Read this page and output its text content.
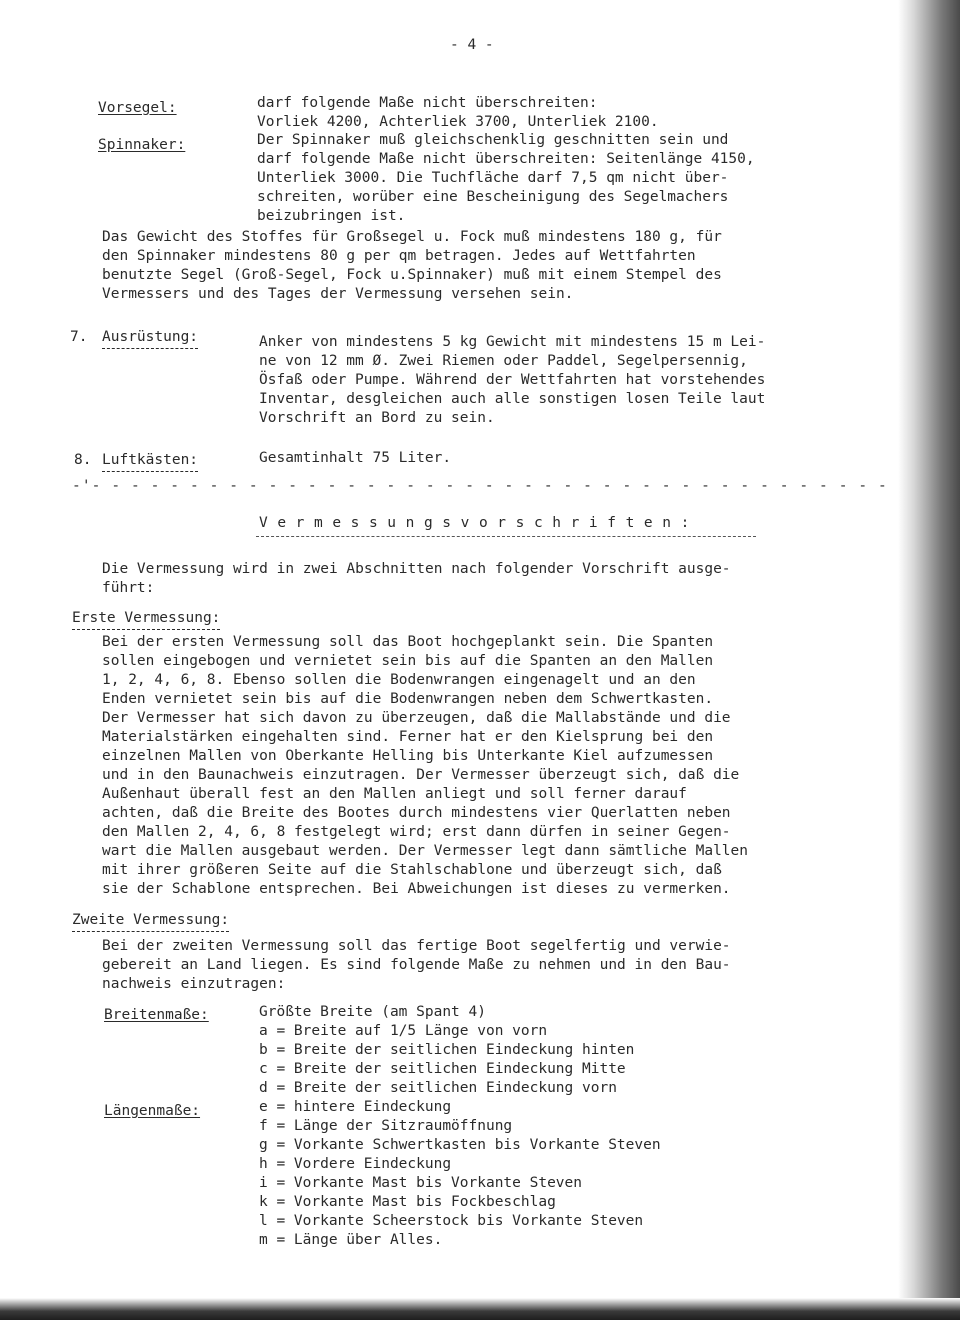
- 4 -
Vorsegel:	darf folgende Maße nicht überschreiten:
Vorliek 4200, Achterliek 3700, Unterliek 2100.
Spinnaker:	Der Spinnaker muß gleichschenklig geschnitten sein und
darf folgende Maße nicht überschreiten: Seitenlänge 4150,
Unterliek 3000. Die Tuchfläche darf 7,5 qm nicht über-
schreiten, worüber eine Bescheinigung des Segelmachers
beizubringen ist.
Das Gewicht des Stoffes für Großsegel u. Fock muß mindestens 180 g, für
den Spinnaker mindestens 80 g per qm betragen. Jedes auf Wettfahrten
benutzte Segel (Groß-Segel, Fock u.Spinnaker) muß mit einem Stempel des
Vermessers und des Tages der Vermessung versehen sein.
7. Ausrüstung:	Anker von mindestens 5 kg Gewicht mit mindestens 15 m Lei-
ne von 12 mm Ø. Zwei Riemen oder Paddel, Segelpersennig,
Ösfaß oder Pumpe. Während der Wettfahrten hat vorstehendes
Inventar, desgleichen auch alle sonstigen losen Teile laut
Vorschrift an Bord zu sein.
8. Luftkästen:	Gesamtinhalt 75 Liter.
-'- - - - - - - - - - - - - - - - - - - - - - - - - - - - - - - - - - - - - - - - -
Vermessungsvorschriften:
Die Vermessung wird in zwei Abschnitten nach folgender Vorschrift ausge-
führt:
Erste Vermessung:
Bei der ersten Vermessung soll das Boot hochgeplankt sein. Die Spanten
sollen eingebogen und vernietet sein bis auf die Spanten an den Mallen
1, 2, 4, 6, 8. Ebenso sollen die Bodenwrangen eingenagelt und an den
Enden vernietet sein bis auf die Bodenwrangen neben dem Schwertkasten.
Der Vermesser hat sich davon zu überzeugen, daß die Mallabstände und die
Materialstärken eingehalten sind. Ferner hat er den Kielsprung bei den
einzelnen Mallen von Oberkante Helling bis Unterkante Kiel aufzumessen
und in den Baunachweis einzutragen. Der Vermesser überzeugt sich, daß die
Außenhaut überall fest an den Mallen anliegt und soll ferner darauf
achten, daß die Breite des Bootes durch mindestens vier Querlatten neben
den Mallen 2, 4, 6, 8 festgelegt wird; erst dann dürfen in seiner Gegen-
wart die Mallen ausgebaut werden. Der Vermesser legt dann sämtliche Mallen
mit ihrer größeren Seite auf die Stahlschablone und überzeugt sich, daß
sie der Schablone entsprechen. Bei Abweichungen ist dieses zu vermerken.
Zweite Vermessung:
Bei der zweiten Vermessung soll das fertige Boot segelfertig und verwie-
gebereit an Land liegen. Es sind folgende Maße zu nehmen und in den Bau-
nachweis einzutragen:
Breitenmaße:	Größte Breite (am Spant 4)
a = Breite auf 1/5 Länge von vorn
b = Breite der seitlichen Eindeckung hinten
c = Breite der seitlichen Eindeckung Mitte
d = Breite der seitlichen Eindeckung vorn
Längenmaße:	e = hintere Eindeckung
f = Länge der Sitzraumöffnung
g = Vorkante Schwertkasten bis Vorkante Steven
h = Vordere Eindeckung
i = Vorkante Mast bis Vorkante Steven
k = Vorkante Mast bis Fockbeschlag
l = Vorkante Scheerstock bis Vorkante Steven
m = Länge über Alles.
